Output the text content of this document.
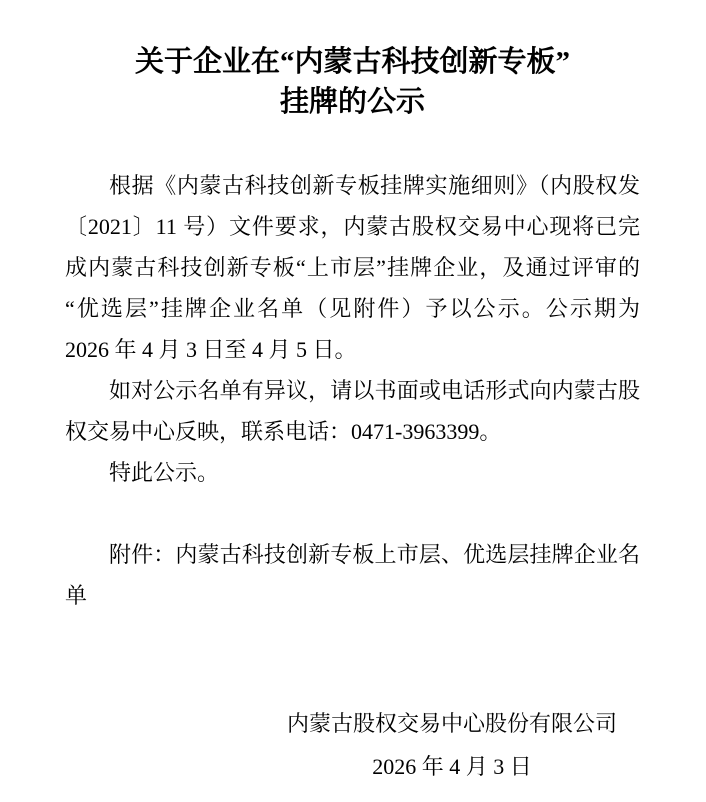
关于企业在“内蒙古科技创新专板”
挂牌的公示

根据《内蒙古科技创新专板挂牌实施细则》（内股权发〔2021〕11 号）文件要求，内蒙古股权交易中心现将已完成内蒙古科技创新专板“上市层”挂牌企业，及通过评审的“优选层”挂牌企业名单（见附件）予以公示。公示期为 2026 年 4 月 3 日至 4 月 5 日。

如对公示名单有异议，请以书面或电话形式向内蒙古股权交易中心反映，联系电话：0471-3963399。

特此公示。

附件：内蒙古科技创新专板上市层、优选层挂牌企业名单

内蒙古股权交易中心股份有限公司
2026 年 4 月 3 日
